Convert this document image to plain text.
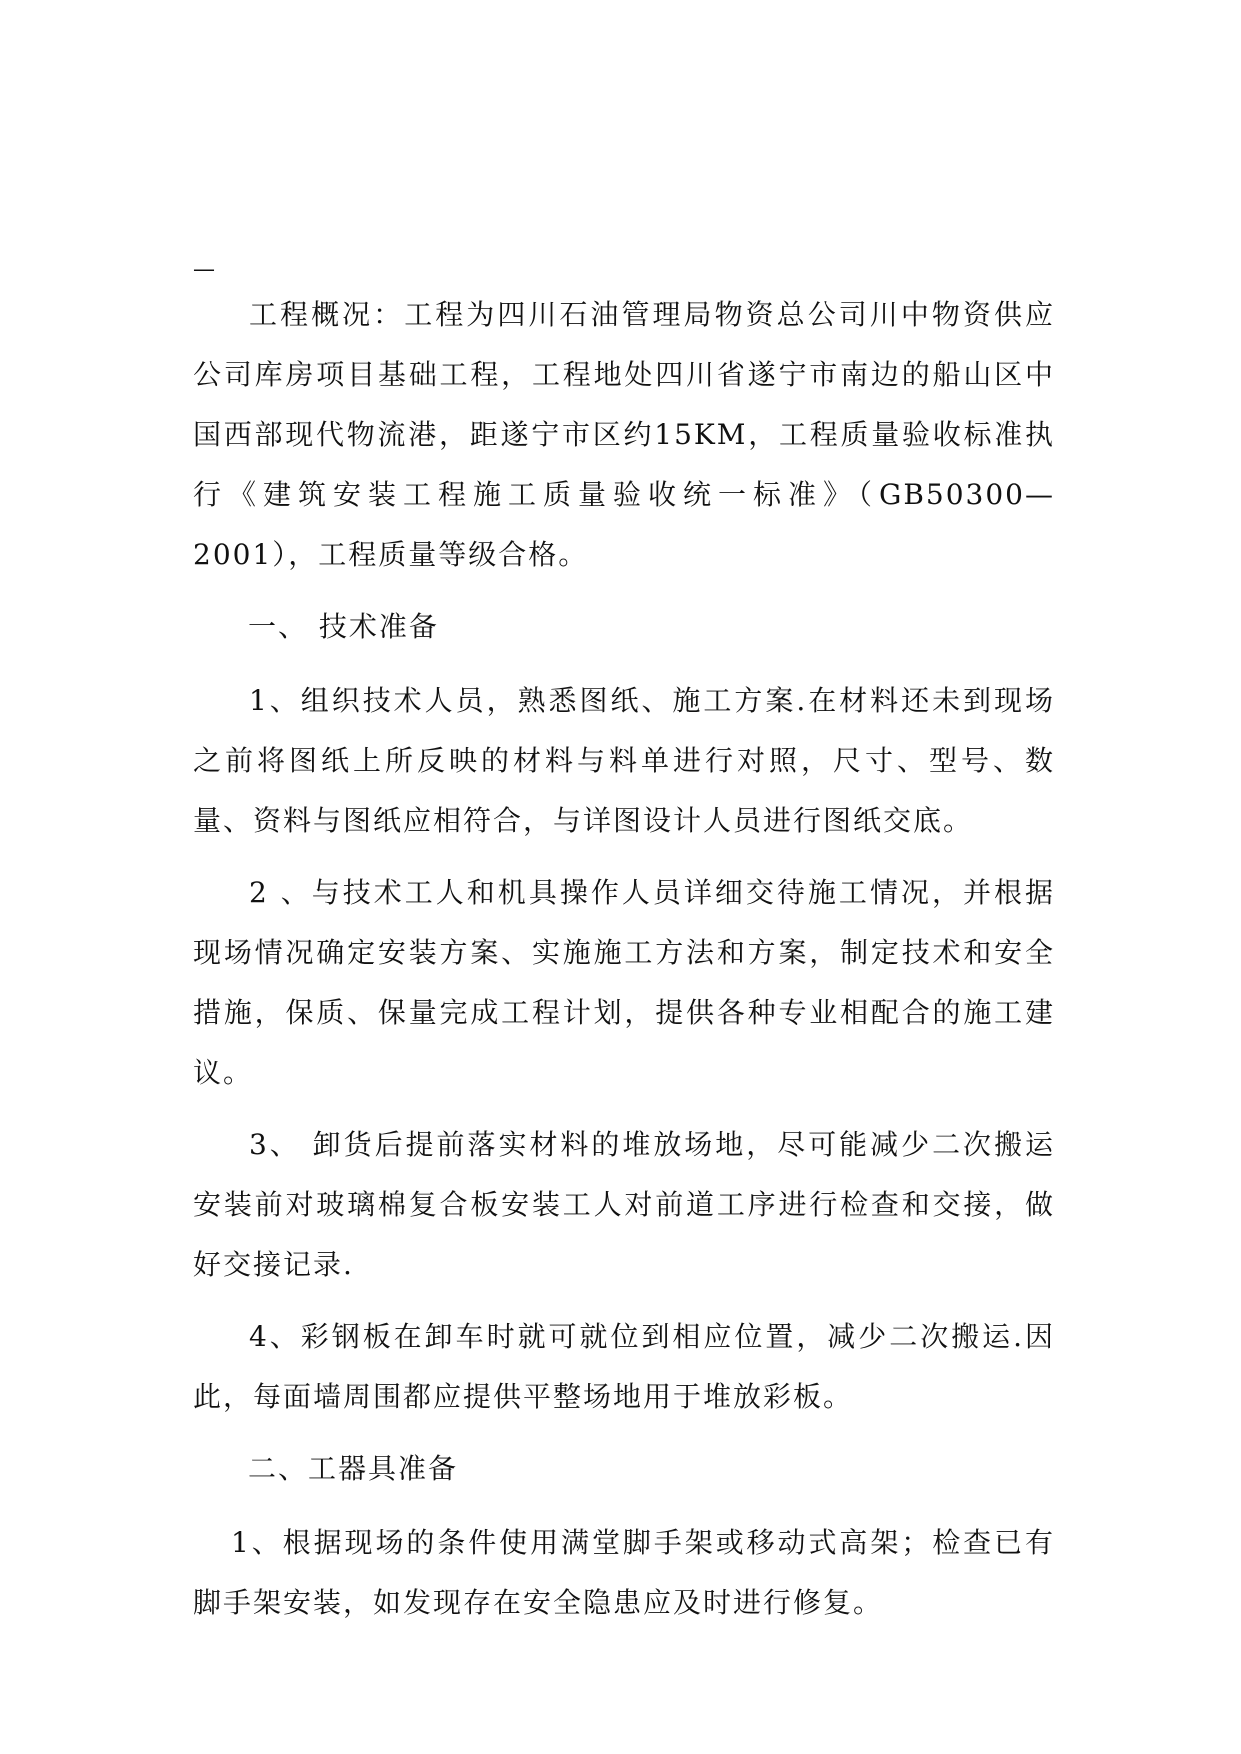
—

工程概况：工程为四川石油管理局物资总公司川中物资供应公司库房项目基础工程，工程地处四川省遂宁市南边的船山区中国西部现代物流港，距遂宁市区约15KM，工程质量验收标准执行《建筑安装工程施工质量验收统一标准》（GB50300—2001），工程质量等级合格。

一、 技术准备

1、组织技术人员，熟悉图纸、施工方案.在材料还未到现场之前将图纸上所反映的材料与料单进行对照，尺寸、型号、数量、资料与图纸应相符合，与详图设计人员进行图纸交底。

2 、与技术工人和机具操作人员详细交待施工情况，并根据现场情况确定安装方案、实施施工方法和方案，制定技术和安全措施，保质、保量完成工程计划，提供各种专业相配合的施工建议。

3、 卸货后提前落实材料的堆放场地，尽可能减少二次搬运安装前对玻璃棉复合板安装工人对前道工序进行检查和交接，做好交接记录.

4、彩钢板在卸车时就可就位到相应位置，减少二次搬运.因此，每面墙周围都应提供平整场地用于堆放彩板。

二、工器具准备

1、根据现场的条件使用满堂脚手架或移动式高架；检查已有脚手架安装，如发现存在安全隐患应及时进行修复。
